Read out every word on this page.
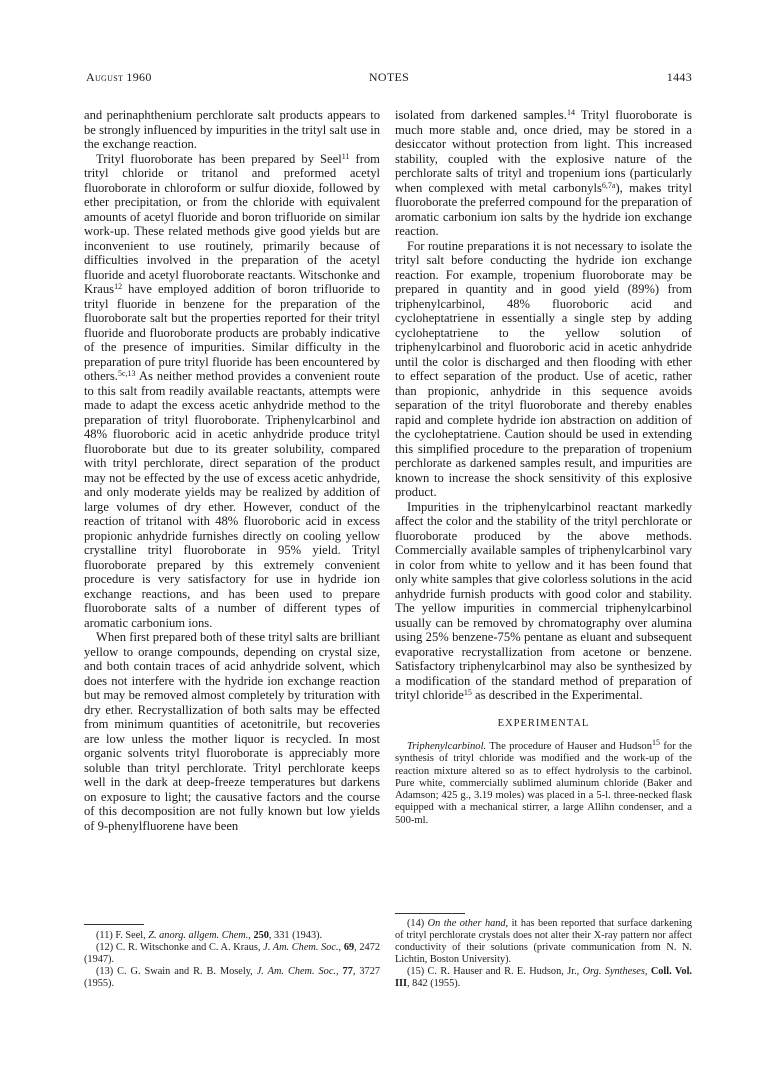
August 1960	NOTES	1443

and perinaphthenium perchlorate salt products appears to be strongly influenced by impurities in the trityl salt use in the exchange reaction.

Trityl fluoroborate has been prepared by Seel$^{11}$ from trityl chloride or tritanol and preformed acetyl fluoroborate in chloroform or sulfur dioxide, followed by ether precipitation, or from the chloride with equivalent amounts of acetyl fluoride and boron trifluoride on similar work-up. These related methods give good yields but are inconvenient to use routinely, primarily because of difficulties involved in the preparation of the acetyl fluoride and acetyl fluoroborate reactants. Witschonke and Kraus$^{12}$ have employed addition of boron trifluoride to trityl fluoride in benzene for the preparation of the fluoroborate salt but the properties reported for their trityl fluoride and fluoroborate products are probably indicative of the presence of impurities. Similar difficulty in the preparation of pure trityl fluoride has been encountered by others.$^{5c,13}$ As neither method provides a convenient route to this salt from readily available reactants, attempts were made to adapt the excess acetic anhydride method to the preparation of trityl fluoroborate. Triphenylcarbinol and 48% fluoroboric acid in acetic anhydride produce trityl fluoroborate but due to its greater solubility, compared with trityl perchlorate, direct separation of the product may not be effected by the use of excess acetic anhydride, and only moderate yields may be realized by addition of large volumes of dry ether. However, conduct of the reaction of tritanol with 48% fluoroboric acid in excess propionic anhydride furnishes directly on cooling yellow crystalline trityl fluoroborate in 95% yield. Trityl fluoroborate prepared by this extremely convenient procedure is very satisfactory for use in hydride ion exchange reactions, and has been used to prepare fluoroborate salts of a number of different types of aromatic carbonium ions.

When first prepared both of these trityl salts are brilliant yellow to orange compounds, depending on crystal size, and both contain traces of acid anhydride solvent, which does not interfere with the hydride ion exchange reaction but may be removed almost completely by trituration with dry ether. Recrystallization of both salts may be effected from minimum quantities of acetonitrile, but recoveries are low unless the mother liquor is recycled. In most organic solvents trityl fluoroborate is appreciably more soluble than trityl perchlorate. Trityl perchlorate keeps well in the dark at deep-freeze temperatures but darkens on exposure to light; the causative factors and the course of this decomposition are not fully known but low yields of 9-phenylfluorene have been

isolated from darkened samples.$^{14}$ Trityl fluoroborate is much more stable and, once dried, may be stored in a desiccator without protection from light. This increased stability, coupled with the explosive nature of the perchlorate salts of trityl and tropenium ions (particularly when complexed with metal carbonyls$^{6,7a}$), makes trityl fluoroborate the preferred compound for the preparation of aromatic carbonium ion salts by the hydride ion exchange reaction.

For routine preparations it is not necessary to isolate the trityl salt before conducting the hydride ion exchange reaction. For example, tropenium fluoroborate may be prepared in quantity and in good yield (89%) from triphenylcarbinol, 48% fluoroboric acid and cycloheptatriene in essentially a single step by adding cycloheptatriene to the yellow solution of triphenylcarbinol and fluoroboric acid in acetic anhydride until the color is discharged and then flooding with ether to effect separation of the product. Use of acetic, rather than propionic, anhydride in this sequence avoids separation of the trityl fluoroborate and thereby enables rapid and complete hydride ion abstraction on addition of the cycloheptatriene. Caution should be used in extending this simplified procedure to the preparation of tropenium perchlorate as darkened samples result, and impurities are known to increase the shock sensitivity of this explosive product.

Impurities in the triphenylcarbinol reactant markedly affect the color and the stability of the trityl perchlorate or fluoroborate produced by the above methods. Commercially available samples of triphenylcarbinol vary in color from white to yellow and it has been found that only white samples that give colorless solutions in the acid anhydride furnish products with good color and stability. The yellow impurities in commercial triphenylcarbinol usually can be removed by chromatography over alumina using 25% benzene-75% pentane as eluant and subsequent evaporative recrystallization from acetone or benzene. Satisfactory triphenylcarbinol may also be synthesized by a modification of the standard method of preparation of trityl chloride$^{15}$ as described in the Experimental.

EXPERIMENTAL

Triphenylcarbinol. The procedure of Hauser and Hudson$^{15}$ for the synthesis of trityl chloride was modified and the work-up of the reaction mixture altered so as to effect hydrolysis to the carbinol. Pure white, commercially sublimed aluminum chloride (Baker and Adamson; 425 g., 3.19 moles) was placed in a 5-l. three-necked flask equipped with a mechanical stirrer, a large Allihn condenser, and a 500-ml.

(11) F. Seel, Z. anorg. allgem. Chem., 250, 331 (1943).

(12) C. R. Witschonke and C. A. Kraus, J. Am. Chem. Soc., 69, 2472 (1947).

(13) C. G. Swain and R. B. Mosely, J. Am. Chem. Soc., 77, 3727 (1955).

(14) On the other hand, it has been reported that surface darkening of trityl perchlorate crystals does not alter their X-ray pattern nor affect conductivity of their solutions (private communication from N. N. Lichtin, Boston University).

(15) C. R. Hauser and R. E. Hudson, Jr., Org. Syntheses, Coll. Vol. III, 842 (1955).
